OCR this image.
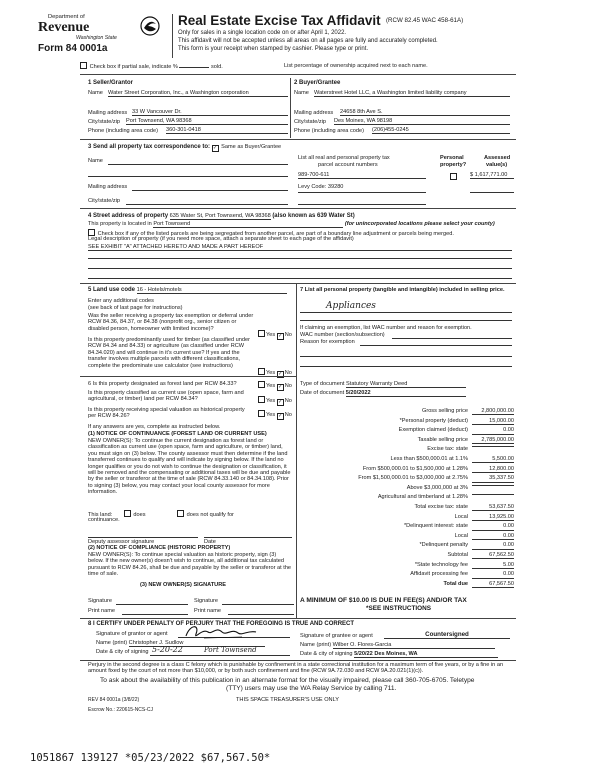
Department of
Revenue
Washington State
Form 84 0001a
Real Estate Excise Tax Affidavit (RCW 82.45 WAC 458-61A)
Only for sales in a single location code on or after April 1, 2022.
This affidavit will not be accepted unless all areas on all pages are fully and accurately completed.
This form is your receipt when stamped by cashier. Please type or print.
Check box if partial sale, indicate %	sold.	List percentage of ownership acquired next to each name.
1 Seller/Grantor
Name Water Street Corporation, Inc., a Washington corporation
Mailing address 33 W Vancouver Dr.
City/state/zip Port Townsend, WA 98368
Phone (including area code) 360-301-0418
2 Buyer/Grantee
Name Waterstreet Hotel LLC, a Washington limited liability company
Mailing address 24658 8th Ave S.
City/state/zip Des Moines, WA 98198
Phone (including area code) (206)455-0245
3 Send all property tax correspondence to: ✓ Same as Buyer/Grantee
Name
Mailing address
City/state/zip
List all real and personal property tax
parcel account numbers
Personal
property?
Assessed
value(s)
989-700-611	$ 1,617,771.00
Levy Code: 39280
4 Street address of property 635 Water St, Port Townsend, WA 98368 (also known as 639 Water St)
This property is located in Port Townsend	(for unincorporated locations please select your county)
Check box if any of the listed parcels are being segregated from another parcel, are part of a boundary line adjustment or parcels being merged.
Legal description of property (if you need more space, attach a separate sheet to each page of the affidavit)
SEE EXHIBIT "A" ATTACHED HERETO AND MADE A PART HEREOF
5 Land use code 16 - Hotels/motels
Enter any additional codes
(see back of last page for instructions)
Was the seller receiving a property tax exemption or deferral under RCW 84.36, 84.37, or 84.38 (nonprofit org., senior citizen or disabled person, homeowner with limited income)?
Yes ✓ No
Is this property predominantly used for timber (as classified under RCW 84.34 and 84.33) or agriculture (as classified under RCW 84.34.020) and will continue in it's current use? If yes and the transfer involves multiple parcels with different classifications, complete the predominate use calculator (see instructions)
Yes ✓ No
6 Is this property designated as forest land per RCW 84.33?	Yes ✓ No
Is this property classified as current use (open space, farm and agricultural, or timber) land per RCW 84.34?	Yes ✓ No
Is this property receiving special valuation as historical property per RCW 84.26?	Yes ✓ No
If any answers are yes, complete as instructed below.
(1) NOTICE OF CONTINUANCE (FOREST LAND OR CURRENT USE)
NEW OWNER(S): To continue the current designation as forest land or classification as current use (open space, farm and agriculture, or timber) land, you must sign on (3) below. The county assessor must then determine if the land transferred continues to qualify and will indicate by signing below. If the land no longer qualifies or you do not wish to continue the designation or classification, it will be removed and the compensating or additional taxes will be due and payable by the seller or transferor at the time of sale (RCW 84.33.140 or 84.34.108). Prior to signing (3) below, you may contact your local county assessor for more information.
This land:	does	does not qualify for
continuance.
Deputy assessor signature	Date
(2) NOTICE OF COMPLIANCE (HISTORIC PROPERTY)
NEW OWNER(S): To continue special valuation as historic property, sign (3) below. If the new owner(s) doesn't wish to continue, all additional tax calculated pursuant to RCW 84.26, shall be due and payable by the seller or transferor at the time of sale.
(3) NEW OWNER(S) SIGNATURE
Signature	Signature
Print name	Print name
7 List all personal property (tangible and intangible) included in selling price.
Appliances
If claiming an exemption, list WAC number and reason for exemption.
WAC number (section/subsection)
Reason for exemption
Type of document Statutory Warranty Deed
Date of document 5/20/2022
Gross selling price	2,800,000.00
*Personal property (deduct)	15,000.00
Exemption claimed (deduct)	0.00
Taxable selling price	2,785,000.00
Excise tax: state
Less than $500,000.01 at 1.1%	5,500.00
From $500,000.01 to $1,500,000 at 1.28%	12,800.00
From $1,500,000.01 to $3,000,000 at 2.75%	35,337.50
Above $3,000,000 at 3%
Agricultural and timberland at 1.28%
Total excise tax: state	53,637.50
Local	13,925.00
*Delinquent interest: state	0.00
Local	0.00
*Delinquent penalty	0.00
Subtotal	67,562.50
*State technology fee	5.00
Affidavit processing fee	0.00
Total due	67,567.50
A MINIMUM OF $10.00 IS DUE IN FEE(S) AND/OR TAX
*SEE INSTRUCTIONS
8 I CERTIFY UNDER PENALTY OF PERJURY THAT THE FOREGOING IS TRUE AND CORRECT
Signature of grantor or agent
Name (print) Christopher J. Sudlow
Date & city of signing 5-20-22	Port Townsend
Signature of grantee or agent	Countersigned
Name (print) Wilber O. Flores-Garcia
Date & city of signing 5/20/22 Des Moines, WA
Perjury in the second degree is a class C felony which is punishable by confinement in a state correctional institution for a maximum term of five years, or by a fine in an amount fixed by the court of not more than $10,000, or by both such confinement and fine (RCW 9A.72.030 and RCW 9A.20.021(1)(c)).
To ask about the availability of this publication in an alternate format for the visually impaired, please call 360-705-6705. Teletype
(TTY) users may use the WA Relay Service by calling 711.
REV 84 0001a (3/8/22)	THIS SPACE TREASURER'S USE ONLY
Escrow No.: 220615-NCS-CJ
1051867 139127 *05/23/2022 $67,567.50*
